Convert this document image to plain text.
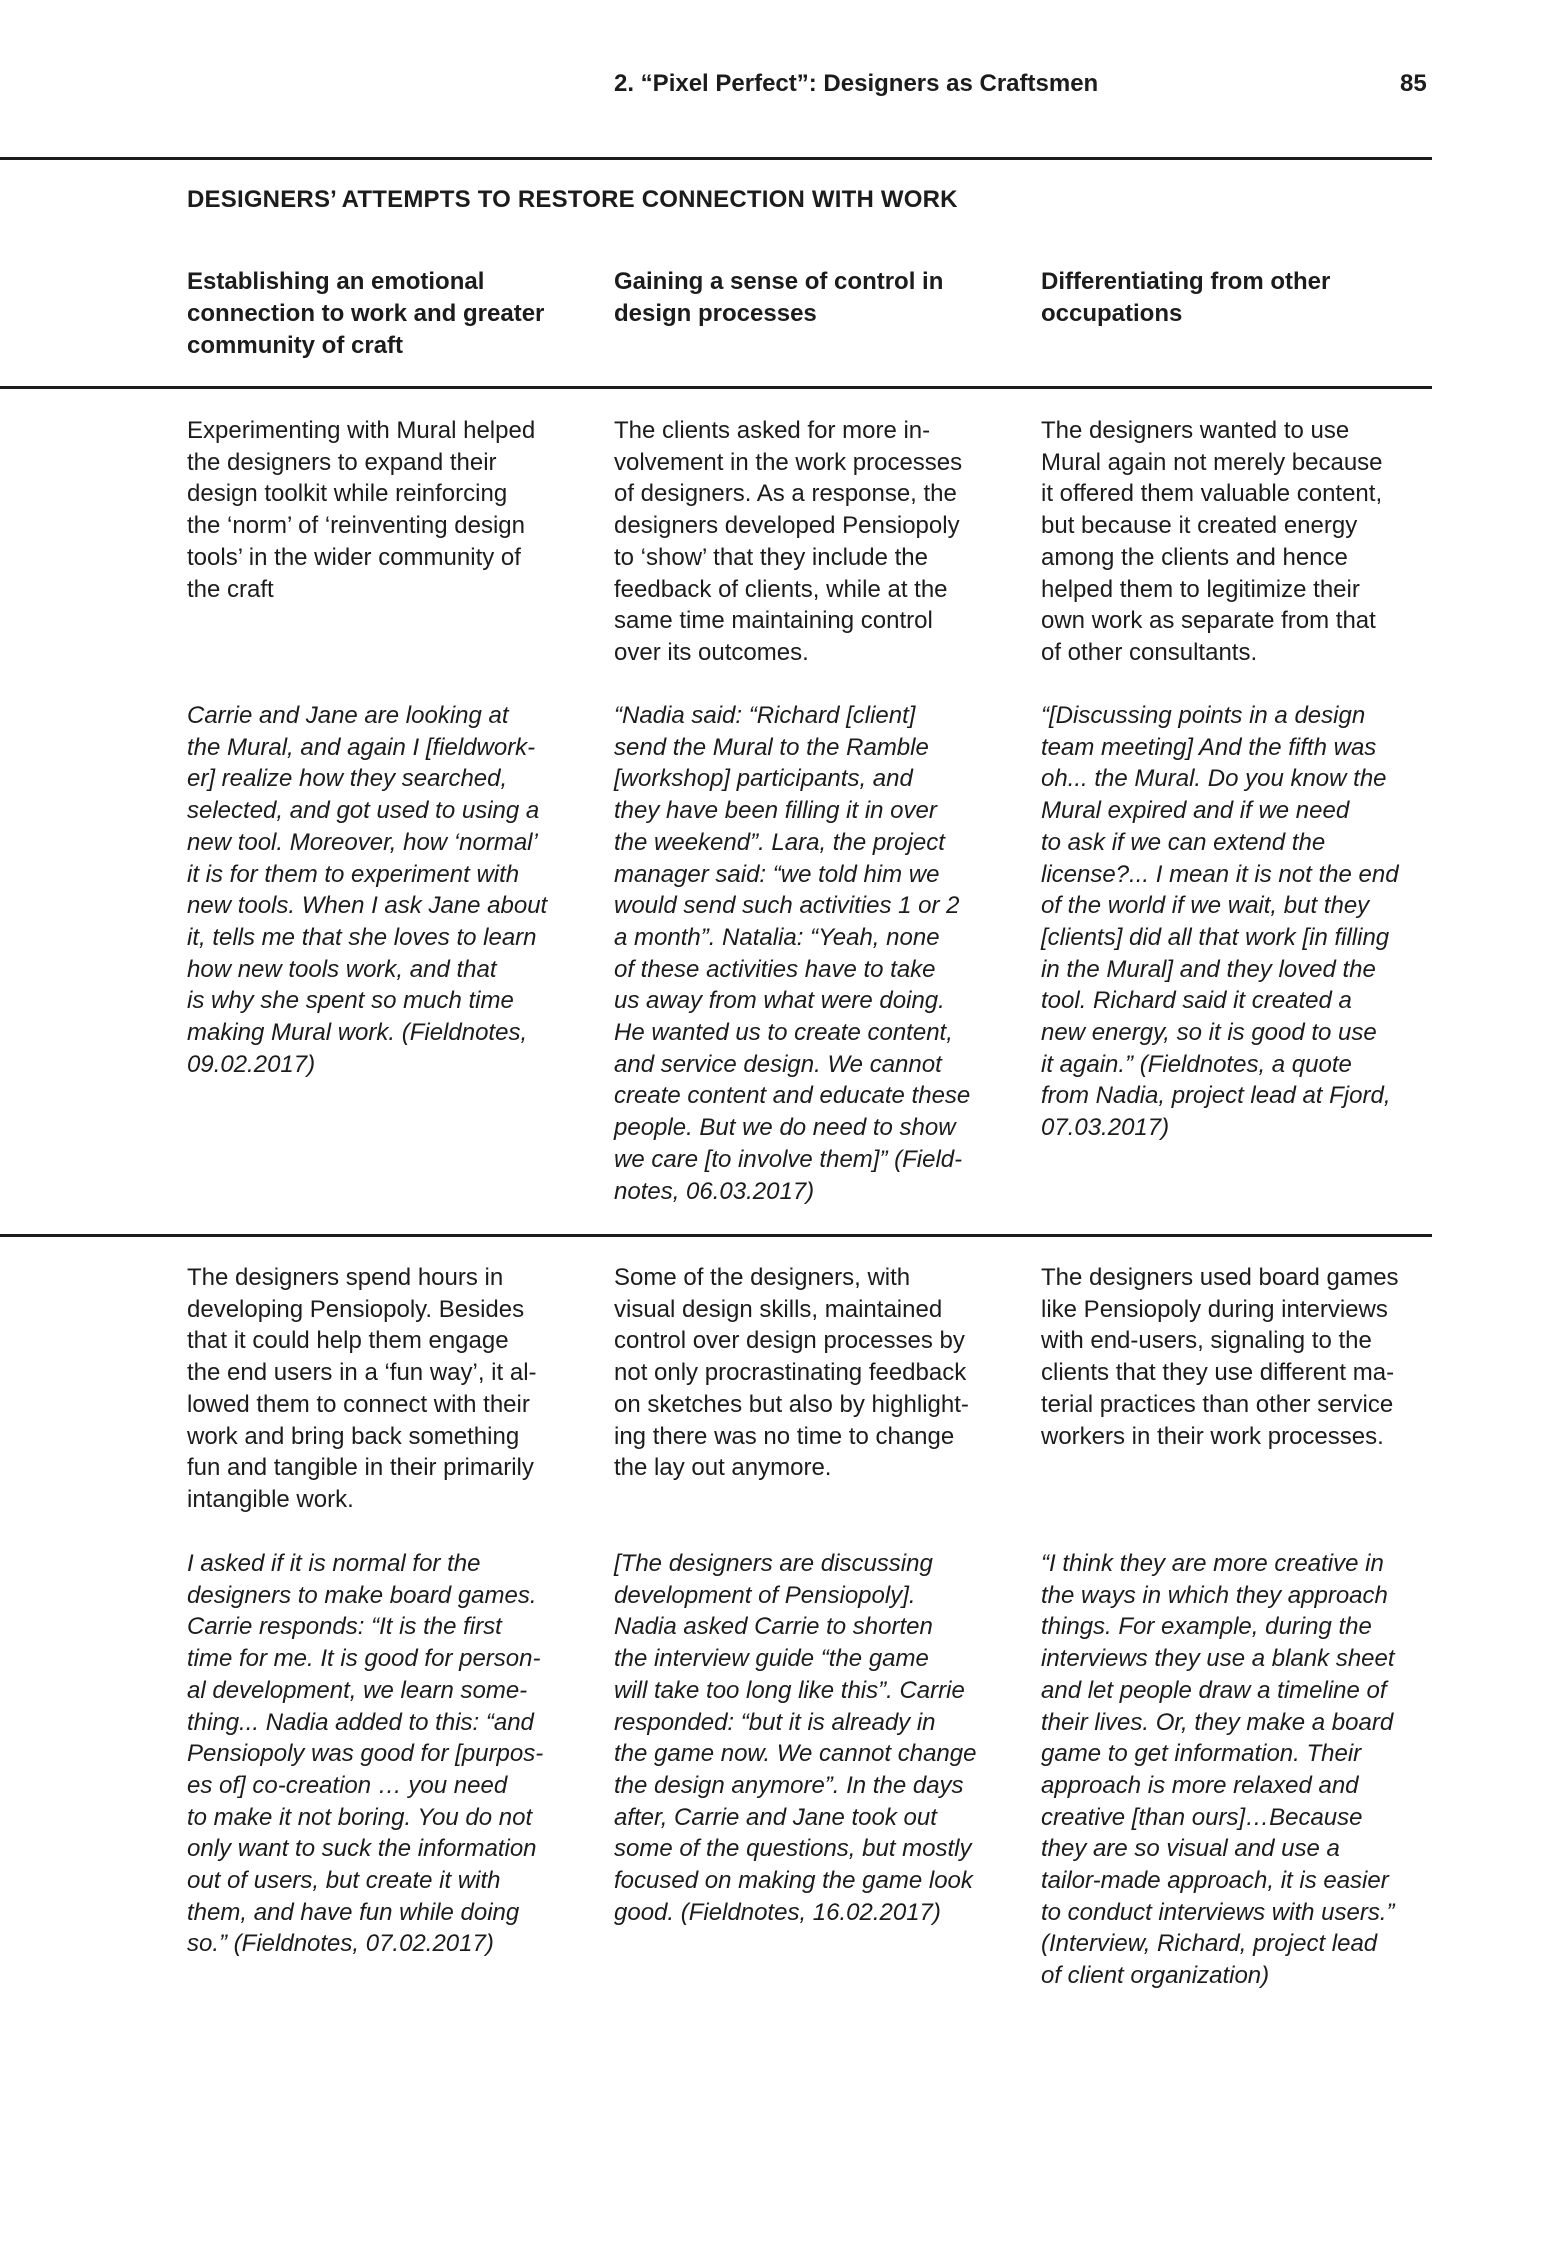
2. “Pixel Perfect”: Designers as Craftsmen	85
DESIGNERS’ ATTEMPTS TO RESTORE CONNECTION WITH WORK
Establishing an emotional
connection to work and greater
community of craft
Gaining a sense of control in
design processes
Differentiating from other
occupations
Experimenting with Mural helped
the designers to expand their
design toolkit while reinforcing
the ‘norm’ of ‘reinventing design
tools’ in the wider community of
the craft
The clients asked for more in-
volvement in the work processes
of designers. As a response, the
designers developed Pensiopoly
to ‘show’ that they include the
feedback of clients, while at the
same time maintaining control
over its outcomes.
The designers wanted to use
Mural again not merely because
it offered them valuable content,
but because it created energy
among the clients and hence
helped them to legitimize their
own work as separate from that
of other consultants.
Carrie and Jane are looking at
the Mural, and again I [fieldwork-
er] realize how they searched,
selected, and got used to using a
new tool. Moreover, how ‘normal’
it is for them to experiment with
new tools. When I ask Jane about
it, tells me that she loves to learn
how new tools work, and that
is why she spent so much time
making Mural work. (Fieldnotes,
09.02.2017)
“Nadia said: “Richard [client]
send the Mural to the Ramble
[workshop] participants, and
they have been filling it in over
the weekend”. Lara, the project
manager said: “we told him we
would send such activities 1 or 2
a month”. Natalia: “Yeah, none
of these activities have to take
us away from what were doing.
He wanted us to create content,
and service design. We cannot
create content and educate these
people. But we do need to show
we care [to involve them]” (Field-
notes, 06.03.2017)
“[Discussing points in a design
team meeting] And the fifth was
oh... the Mural. Do you know the
Mural expired and if we need
to ask if we can extend the
license?... I mean it is not the end
of the world if we wait, but they
[clients] did all that work [in filling
in the Mural] and they loved the
tool. Richard said it created a
new energy, so it is good to use
it again.” (Fieldnotes, a quote
from Nadia, project lead at Fjord,
07.03.2017)
The designers spend hours in
developing Pensiopoly. Besides
that it could help them engage
the end users in a ‘fun way’, it al-
lowed them to connect with their
work and bring back something
fun and tangible in their primarily
intangible work.
Some of the designers, with
visual design skills, maintained
control over design processes by
not only procrastinating feedback
on sketches but also by highlight-
ing there was no time to change
the lay out anymore.
The designers used board games
like Pensiopoly during interviews
with end-users, signaling to the
clients that they use different ma-
terial practices than other service
workers in their work processes.
I asked if it is normal for the
designers to make board games.
Carrie responds: “It is the first
time for me. It is good for person-
al development, we learn some-
thing... Nadia added to this: “and
Pensiopoly was good for [purpos-
es of] co-creation … you need
to make it not boring. You do not
only want to suck the information
out of users, but create it with
them, and have fun while doing
so.” (Fieldnotes, 07.02.2017)
[The designers are discussing
development of Pensiopoly].
Nadia asked Carrie to shorten
the interview guide “the game
will take too long like this”. Carrie
responded: “but it is already in
the game now. We cannot change
the design anymore”. In the days
after, Carrie and Jane took out
some of the questions, but mostly
focused on making the game look
good. (Fieldnotes, 16.02.2017)
“I think they are more creative in
the ways in which they approach
things. For example, during the
interviews they use a blank sheet
and let people draw a timeline of
their lives. Or, they make a board
game to get information. Their
approach is more relaxed and
creative [than ours]…Because
they are so visual and use a
tailor-made approach, it is easier
to conduct interviews with users.”
(Interview, Richard, project lead
of client organization)
